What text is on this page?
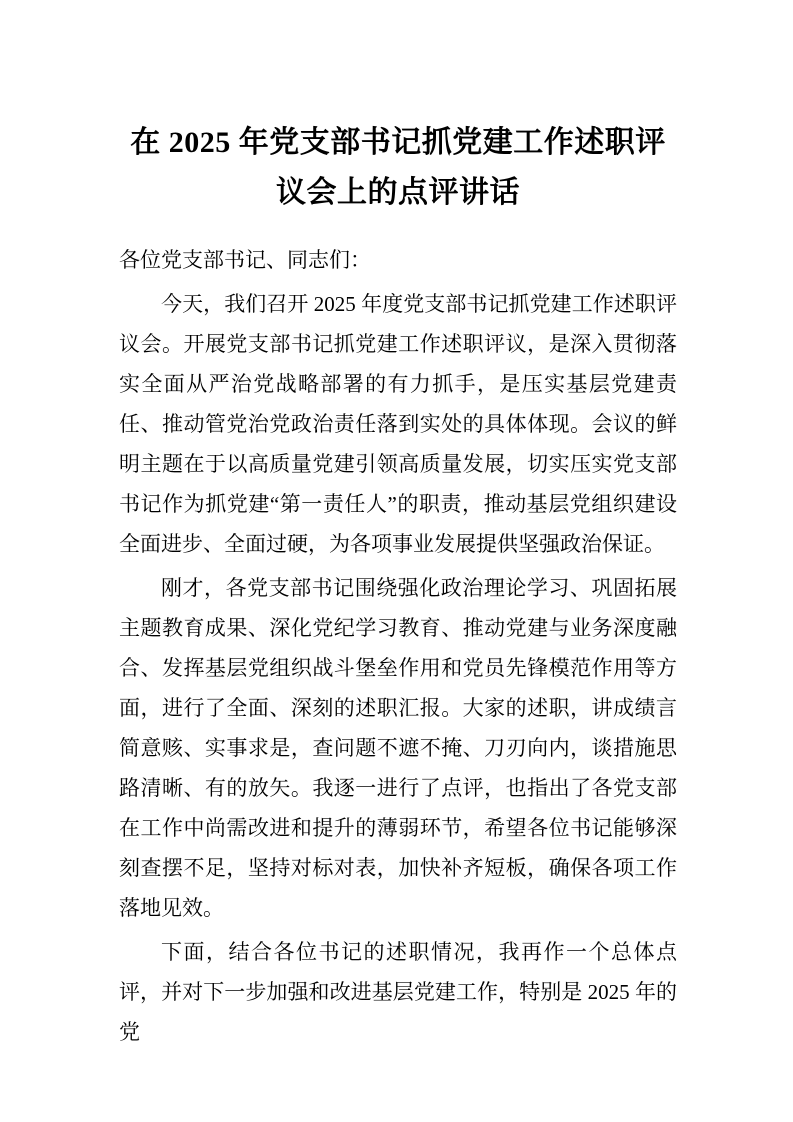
在 2025 年党支部书记抓党建工作述职评议会上的点评讲话

各位党支部书记、同志们：

今天，我们召开 2025 年度党支部书记抓党建工作述职评议会。开展党支部书记抓党建工作述职评议，是深入贯彻落实全面从严治党战略部署的有力抓手，是压实基层党建责任、推动管党治党政治责任落到实处的具体体现。会议的鲜明主题在于以高质量党建引领高质量发展，切实压实党支部书记作为抓党建“第一责任人”的职责，推动基层党组织建设全面进步、全面过硬，为各项事业发展提供坚强政治保证。

刚才，各党支部书记围绕强化政治理论学习、巩固拓展主题教育成果、深化党纪学习教育、推动党建与业务深度融合、发挥基层党组织战斗堡垒作用和党员先锋模范作用等方面，进行了全面、深刻的述职汇报。大家的述职，讲成绩言简意赅、实事求是，查问题不遮不掩、刀刃向内，谈措施思路清晰、有的放矢。我逐一进行了点评，也指出了各党支部在工作中尚需改进和提升的薄弱环节，希望各位书记能够深刻查摆不足，坚持对标对表，加快补齐短板，确保各项工作落地见效。

下面，结合各位书记的述职情况，我再作一个总体点评，并对下一步加强和改进基层党建工作，特别是 2025 年的党
